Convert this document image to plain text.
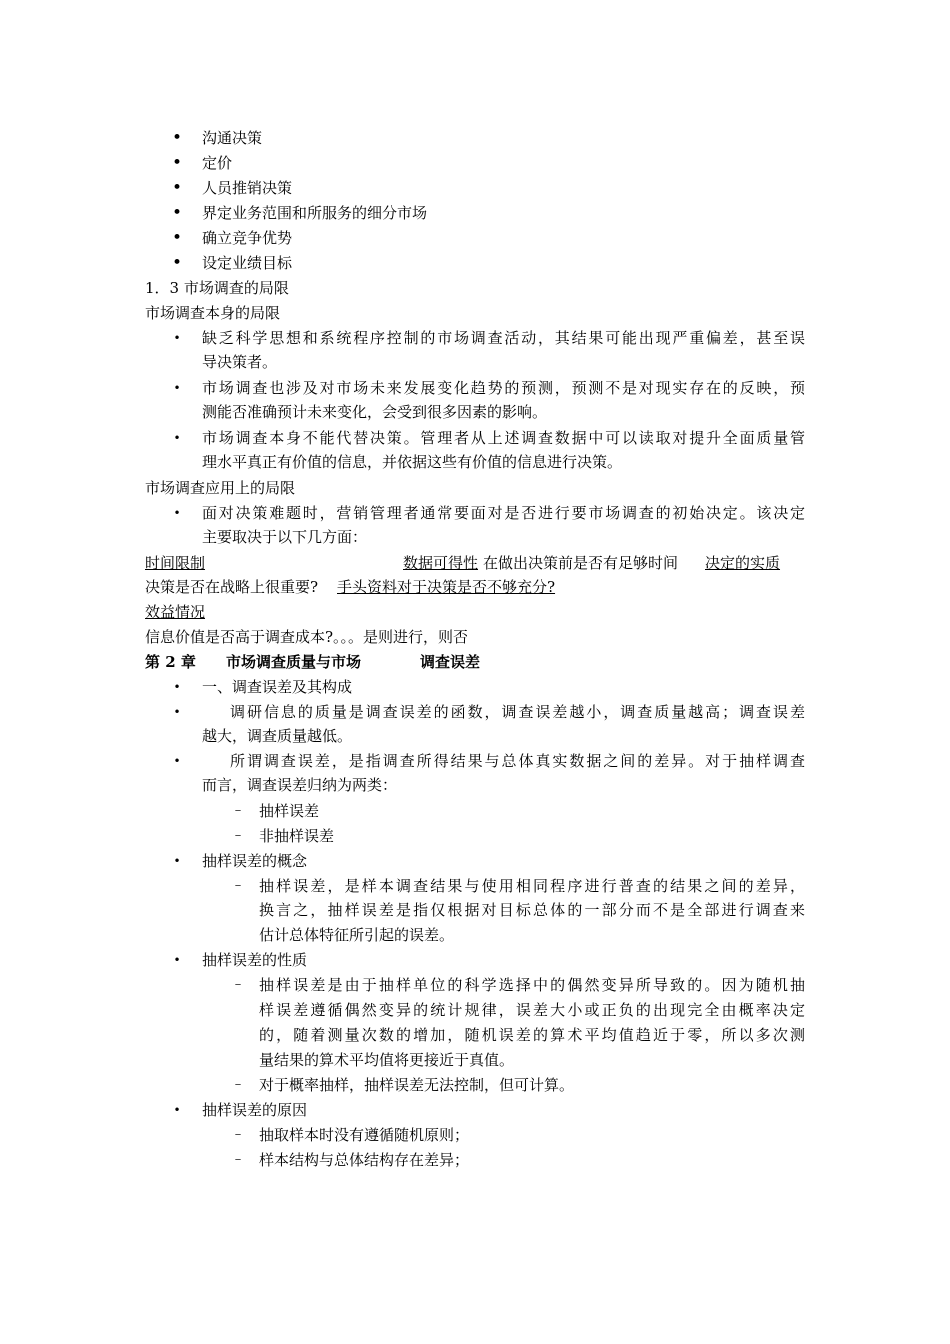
• 沟通决策
• 定价
• 人员推销决策
• 界定业务范围和所服务的细分市场
• 确立竞争优势
• 设定业绩目标
1．3 市场调查的局限
市场调查本身的局限
• 缺乏科学思想和系统程序控制的市场调查活动，其结果可能出现严重偏差，甚至误
导决策者。
• 市场调查也涉及对市场未来发展变化趋势的预测，预测不是对现实存在的反映，预
测能否准确预计未来变化，会受到很多因素的影响。
• 市场调查本身不能代替决策。管理者从上述调查数据中可以读取对提升全面质量管
理水平真正有价值的信息，并依据这些有价值的信息进行决策。
市场调查应用上的局限
• 面对决策难题时，营销管理者通常要面对是否进行要市场调查的初始决定。该决定
主要取决于以下几方面：
时间限制	数据可得性 在做出决策前是否有足够时间 决定的实质
决策是否在战略上很重要? 手头资料对于决策是否不够充分?
效益情况
信息价值是否高于调查成本?。。。是则进行，则否
第 2 章 市场调查质量与市场	调查误差
• 一、调查误差及其构成
•	调研信息的质量是调查误差的函数，调查误差越小，调查质量越高；调查误差
越大，调查质量越低。
•	所谓调查误差，是指调查所得结果与总体真实数据之间的差异。对于抽样调查
而言，调查误差归纳为两类：
– 抽样误差
– 非抽样误差
• 抽样误差的概念
– 抽样误差，是样本调查结果与使用相同程序进行普查的结果之间的差异，
换言之，抽样误差是指仅根据对目标总体的一部分而不是全部进行调查来
估计总体特征所引起的误差。
• 抽样误差的性质
– 抽样误差是由于抽样单位的科学选择中的偶然变异所导致的。因为随机抽
样误差遵循偶然变异的统计规律，误差大小或正负的出现完全由概率决定
的，随着测量次数的增加，随机误差的算术平均值趋近于零，所以多次测
量结果的算术平均值将更接近于真值。
– 对于概率抽样，抽样误差无法控制，但可计算。
• 抽样误差的原因
– 抽取样本时没有遵循随机原则；
– 样本结构与总体结构存在差异；
